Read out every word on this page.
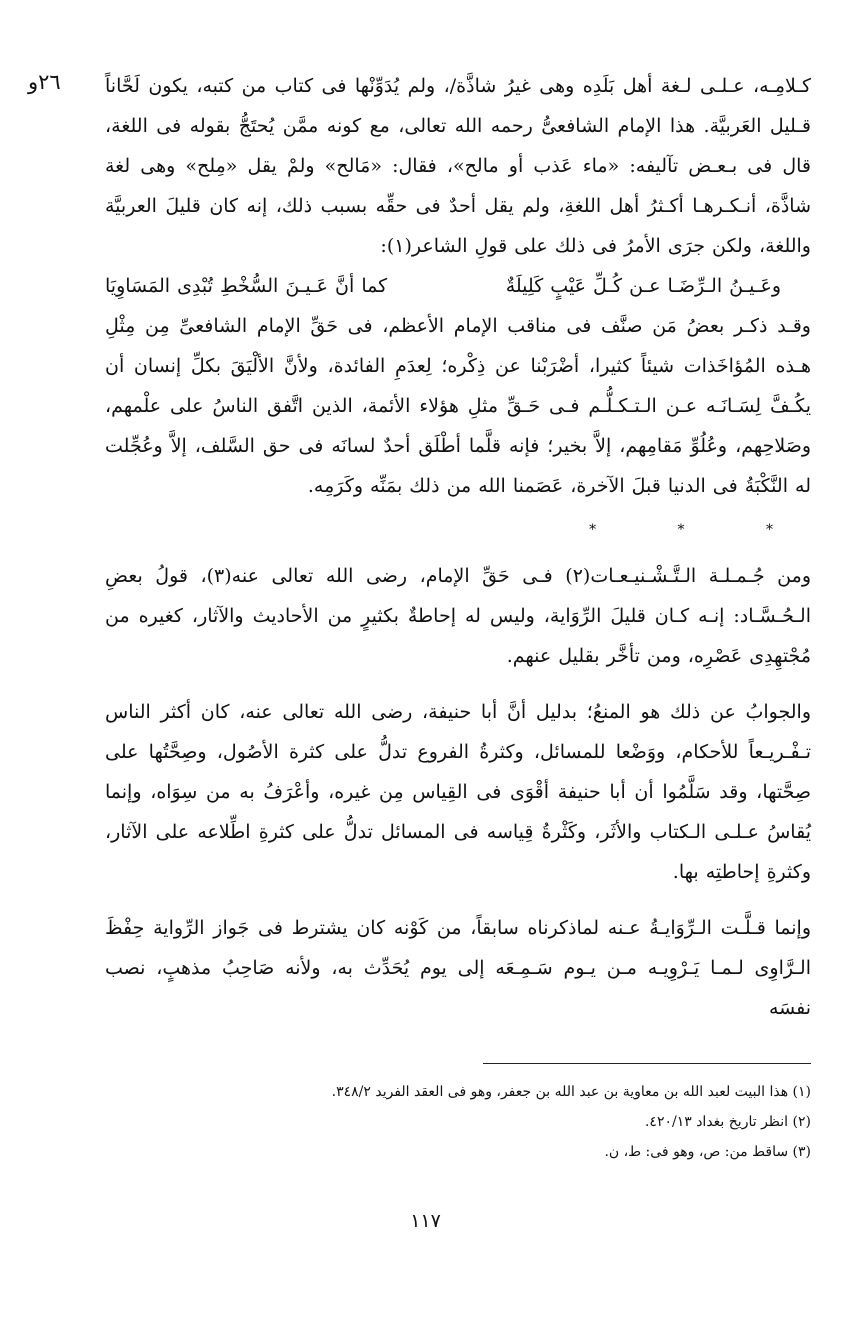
٢٦و كـلامِـه، عـلـى لـغة أهل بَلَدِه وهى غيرُ شاذَّة/، ولم يُدَوِّنْها فى كتاب من كتبه، يكون لَحَّاناً قـليل العَربيَّة. هذا الإمام الشافعىُّ رحمه الله تعالى، مع كونه ممَّن يُحتَجُّ بقوله فى اللغة، قال فى بـعـض تآليفه: «ماء عَذب أو مالح»، فقال: «مَالح» ولمْ يقل «مِلح» وهى لغة شاذَّة، أنـكـرهـا أكـثرُ أهل اللغةِ، ولم يقل أحدٌ فى حقِّه بسبب ذلك، إنه كان قليلَ العربيَّة واللغة، ولكن جرَى الأمرُ فى ذلك على قولِ الشاعر(١):

وعَـيـنُ الـرِّضَـا عـن كُـلِّ عَيْبٍ كَلِيلَةٌ
كما أنَّ عَـيـنَ السُّخْطِ تُبْدِى المَسَاوِيَا

وقـد ذكـر بعضُ مَن صنَّف فى مناقب الإمام الأعظم، فى حَقِّ الإمام الشافعىِّ مِن مِثْلِ هـذه المُؤاخَذات شيئاً كثيرا، أضْرَبْنا عن ذِكْره؛ لِعدَمِ الفائدة، ولأنَّ الألْيَقَ بكلِّ إنسان أن يكُـفَّ لِسَـانَـه عـن الـتـكـلُّـم فـى حَـقِّ مثلِ هؤلاء الأئمة، الذين اتَّفق الناسُ على علْمهم، وصَلاحِهم، وعُلُوِّ مَقامِهم، إلاَّ بخير؛ فإنه قلَّما أطْلَق أحدٌ لسانَه فى حق السَّلف، إلاَّ وعُجِّلت له النَّكْبَةُ فى الدنيا قبلَ الآخرة، عَصَمنا الله من ذلك بمَنِّه وكَرَمِه.

* * *

ومن جُـمـلـة الـتَّـشْـنيـعـات(٢) فـى حَقِّ الإمام، رضى الله تعالى عنه(٣)، قولُ بعضِ الـحُـسَّـاد: إنـه كـان قليلَ الرِّوَاية، وليس له إحاطةٌ بكثيرٍ من الأحاديث والآثار، كغيره من مُجْتهِدِى عَصْرِه، ومن تأخَّر بقليل عنهم.

والجوابُ عن ذلك هو المنعُ؛ بدليل أنَّ أبا حنيفة، رضى الله تعالى عنه، كان أكثر الناس تـفْـريـعاً للأحكام، ووَضْعا للمسائل، وكثرةُ الفروع تدلُّ على كثرة الأصُول، وصِحَّتُها على صِحَّتها، وقد سَلَّمُوا أن أبا حنيفة أقْوَى فى القِياس مِن غيره، وأعْرَفُ به من سِوَاه، وإنما يُقاسُ عـلـى الـكتاب والأثَر، وكَثْرةُ قِياسه فى المسائل تدلُّ على كثرةِ اطِّلاعه على الآثار، وكثرةِ إحاطتِه بها.

وإنما قـلَّـت الـرِّوَايـةُ عـنه لماذكرناه سابقاً، من كَوْنه كان يشترط فى جَواز الرِّواية حِفْظَ الـرَّاوِى لـمـا يَـرْوِيـه مـن يـوم سَـمِـعَه إلى يوم يُحَدِّث به، ولأنه صَاحِبُ مذهبٍ، نصب نفسَه

(١) هذا البيت لعبد الله بن معاوية بن عبد الله بن جعفر، وهو فى العقد الفريد ٣٤٨/٢.

(٢) انظر تاريخ بغداد ٤٢٠/١٣.

(٣) ساقط من: ص، وهو فى: ط، ن.

١١٧
